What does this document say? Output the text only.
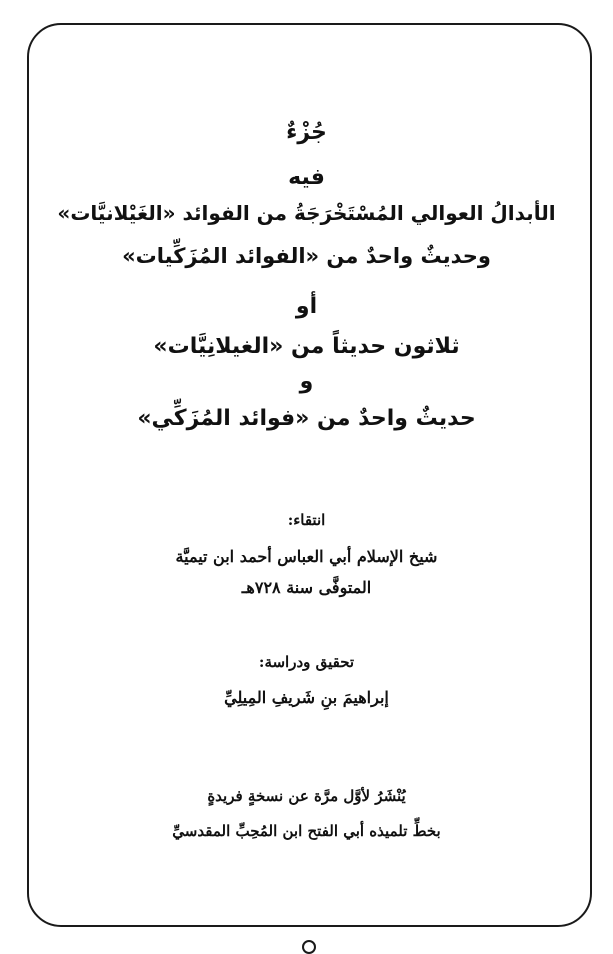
جُزْءٌ
فيه
الأبدالُ العوالي المُسْتَخْرَجَةُ من الفوائد «الغَيْلانيَّات»
وحديثٌ واحدٌ من «الفوائد المُزَكِّيات»
أو
ثلاثون حديثاً من «الغيلانِيَّات»
و
حديثٌ واحدٌ من «فوائد المُزَكِّي»
انتقاء:
شيخ الإسلام أبي العباس أحمد ابن تيميَّة
المتوفَّى سنة ٧٢٨هـ
تحقيق ودراسة:
إبراهيمَ بنِ شَريفِ المِيلِيِّ
يُنْشَرُ لأوَّل مرَّة عن نسخةٍ فريدةٍ
بخطِّ تلميذه أبي الفتح ابن المُحِبِّ المقدسيِّ
